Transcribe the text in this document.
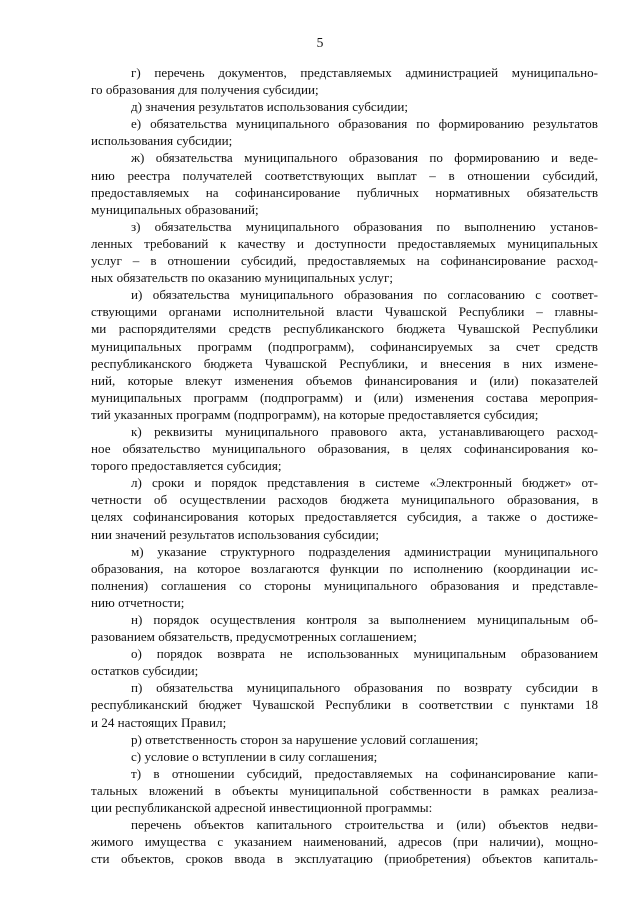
5
г) перечень документов, представляемых администрацией муниципально-
го образования для получения субсидии;
д) значения результатов использования субсидии;
е) обязательства муниципального образования по формированию результатов
использования субсидии;
ж) обязательства муниципального образования по формированию и веде-
нию реестра получателей соответствующих выплат – в отношении субсидий,
предоставляемых на софинансирование публичных нормативных обязательств
муниципальных образований;
з) обязательства муниципального образования по выполнению установ-
ленных требований к качеству и доступности предоставляемых муниципальных
услуг – в отношении субсидий, предоставляемых на софинансирование расход-
ных обязательств по оказанию муниципальных услуг;
и) обязательства муниципального образования по согласованию с соответ-
ствующими органами исполнительной власти Чувашской Республики – главны-
ми распорядителями средств республиканского бюджета Чувашской Республики
муниципальных программ (подпрограмм), софинансируемых за счет средств
республиканского бюджета Чувашской Республики, и внесения в них измене-
ний, которые влекут изменения объемов финансирования и (или) показателей
муниципальных программ (подпрограмм) и (или) изменения состава мероприя-
тий указанных программ (подпрограмм), на которые предоставляется субсидия;
к) реквизиты муниципального правового акта, устанавливающего расход-
ное обязательство муниципального образования, в целях софинансирования ко-
торого предоставляется субсидия;
л) сроки и порядок представления в системе «Электронный бюджет» от-
четности об осуществлении расходов бюджета муниципального образования, в
целях софинансирования которых предоставляется субсидия, а также о достиже-
нии значений результатов использования субсидии;
м) указание структурного подразделения администрации муниципального
образования, на которое возлагаются функции по исполнению (координации ис-
полнения) соглашения со стороны муниципального образования и представле-
нию отчетности;
н) порядок осуществления контроля за выполнением муниципальным об-
разованием обязательств, предусмотренных соглашением;
о) порядок возврата не использованных муниципальным образованием
остатков субсидии;
п) обязательства муниципального образования по возврату субсидии в
республиканский бюджет Чувашской Республики в соответствии с пунктами 18
и 24 настоящих Правил;
р) ответственность сторон за нарушение условий соглашения;
с) условие о вступлении в силу соглашения;
т) в отношении субсидий, предоставляемых на софинансирование капи-
тальных вложений в объекты муниципальной собственности в рамках реализа-
ции республиканской адресной инвестиционной программы:
перечень объектов капитального строительства и (или) объектов недви-
жимого имущества с указанием наименований, адресов (при наличии), мощно-
сти объектов, сроков ввода в эксплуатацию (приобретения) объектов капиталь-
